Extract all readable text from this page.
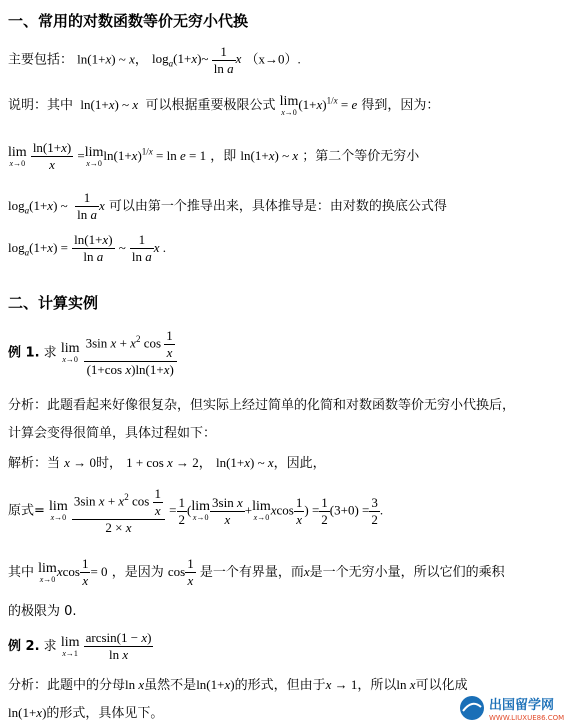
一、常用的对数函数等价无穷小代换
主要包括： ln(1+x) ~ x， $\log_a(1+x)\sim \frac{1}{\text{ln a}}$ x （x→0）.
说明：其中  ln(1+x) ~ x 可以根据重要极限公式 lim
x→0 $(1+x)^{1/x} = e$ 得到，因为：
lim
x→0
$\frac{\ln(1+x)}{x} = \lim$
x→0 $\ln(1+x)^{1/x} = \ln e = 1$ ，即 ln(1+x) ~ x ；第二个等价无穷小
$\log_a(1+x)$ ~ $\frac{1}{\text{ln a}}$ x 可以由第一个推导出来，具体推导是：由对数的换底公式得
$\log_a(1+x) = \frac{\ln(1+x)}{\text{ln a}}$ ~ $\frac{1}{\text{ln a}}$ x .
二、计算实例
例 1. 求 lim
x→0
$\frac{3\sin x + x^2 \cos \frac{1}{x}}{\text{(1+cos x)ln(1+x)}}$
分析：此题看起来好像很复杂，但实际上经过简单的化简和对数函数等价无穷小代换后，
计算会变得很简单，具体过程如下：
解析：当 x → 0时， 1 + cos x → 2， ln(1+x) ~ x，因此，
原式= lim
x→0
$\frac{3\sin x + x^2 \cos \frac{1}{x}}{2 \times x} = \frac{1}{2}$ ( lim
$x\to 0 \frac{\text{3sin x}}{x} + \lim$
x→0 xcos $\frac{1}{x}$ ) = $\frac{1}{2} (3+0) = \frac{3}{2}$ .
其中 lim
x→0 xcos $\frac{1}{x} = 0$ ，是因为 $\cos \frac{1}{x}$ 是一个有界量，而x是一个无穷小量，所以它们的乘积
的极限为 0.
例 2. 求 lim
x→1
$\frac{\arcsin(1 - x)}{\text{ln x}}$
分析：此题中的分母ln x虽然不是ln(1+x)的形式，但由于x → 1，所以ln x可以化成
ln(1+x)的形式，具体见下。
出国留学网
WWW.LIUXUE86.COM
